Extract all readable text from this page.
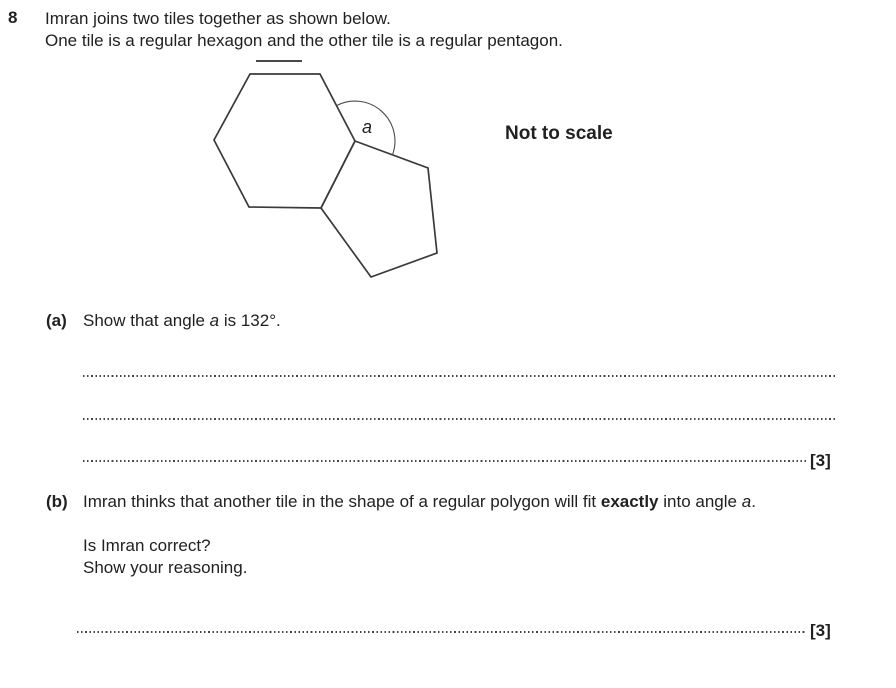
8 Imran joins two tiles together as shown below.
One tile is a regular hexagon and the other tile is a regular pentagon.
a	Not to scale
(a) Show that angle a is 132°.
[3]
(b) Imran thinks that another tile in the shape of a regular polygon will fit exactly into angle a.
Is Imran correct?
Show your reasoning.
[3]
